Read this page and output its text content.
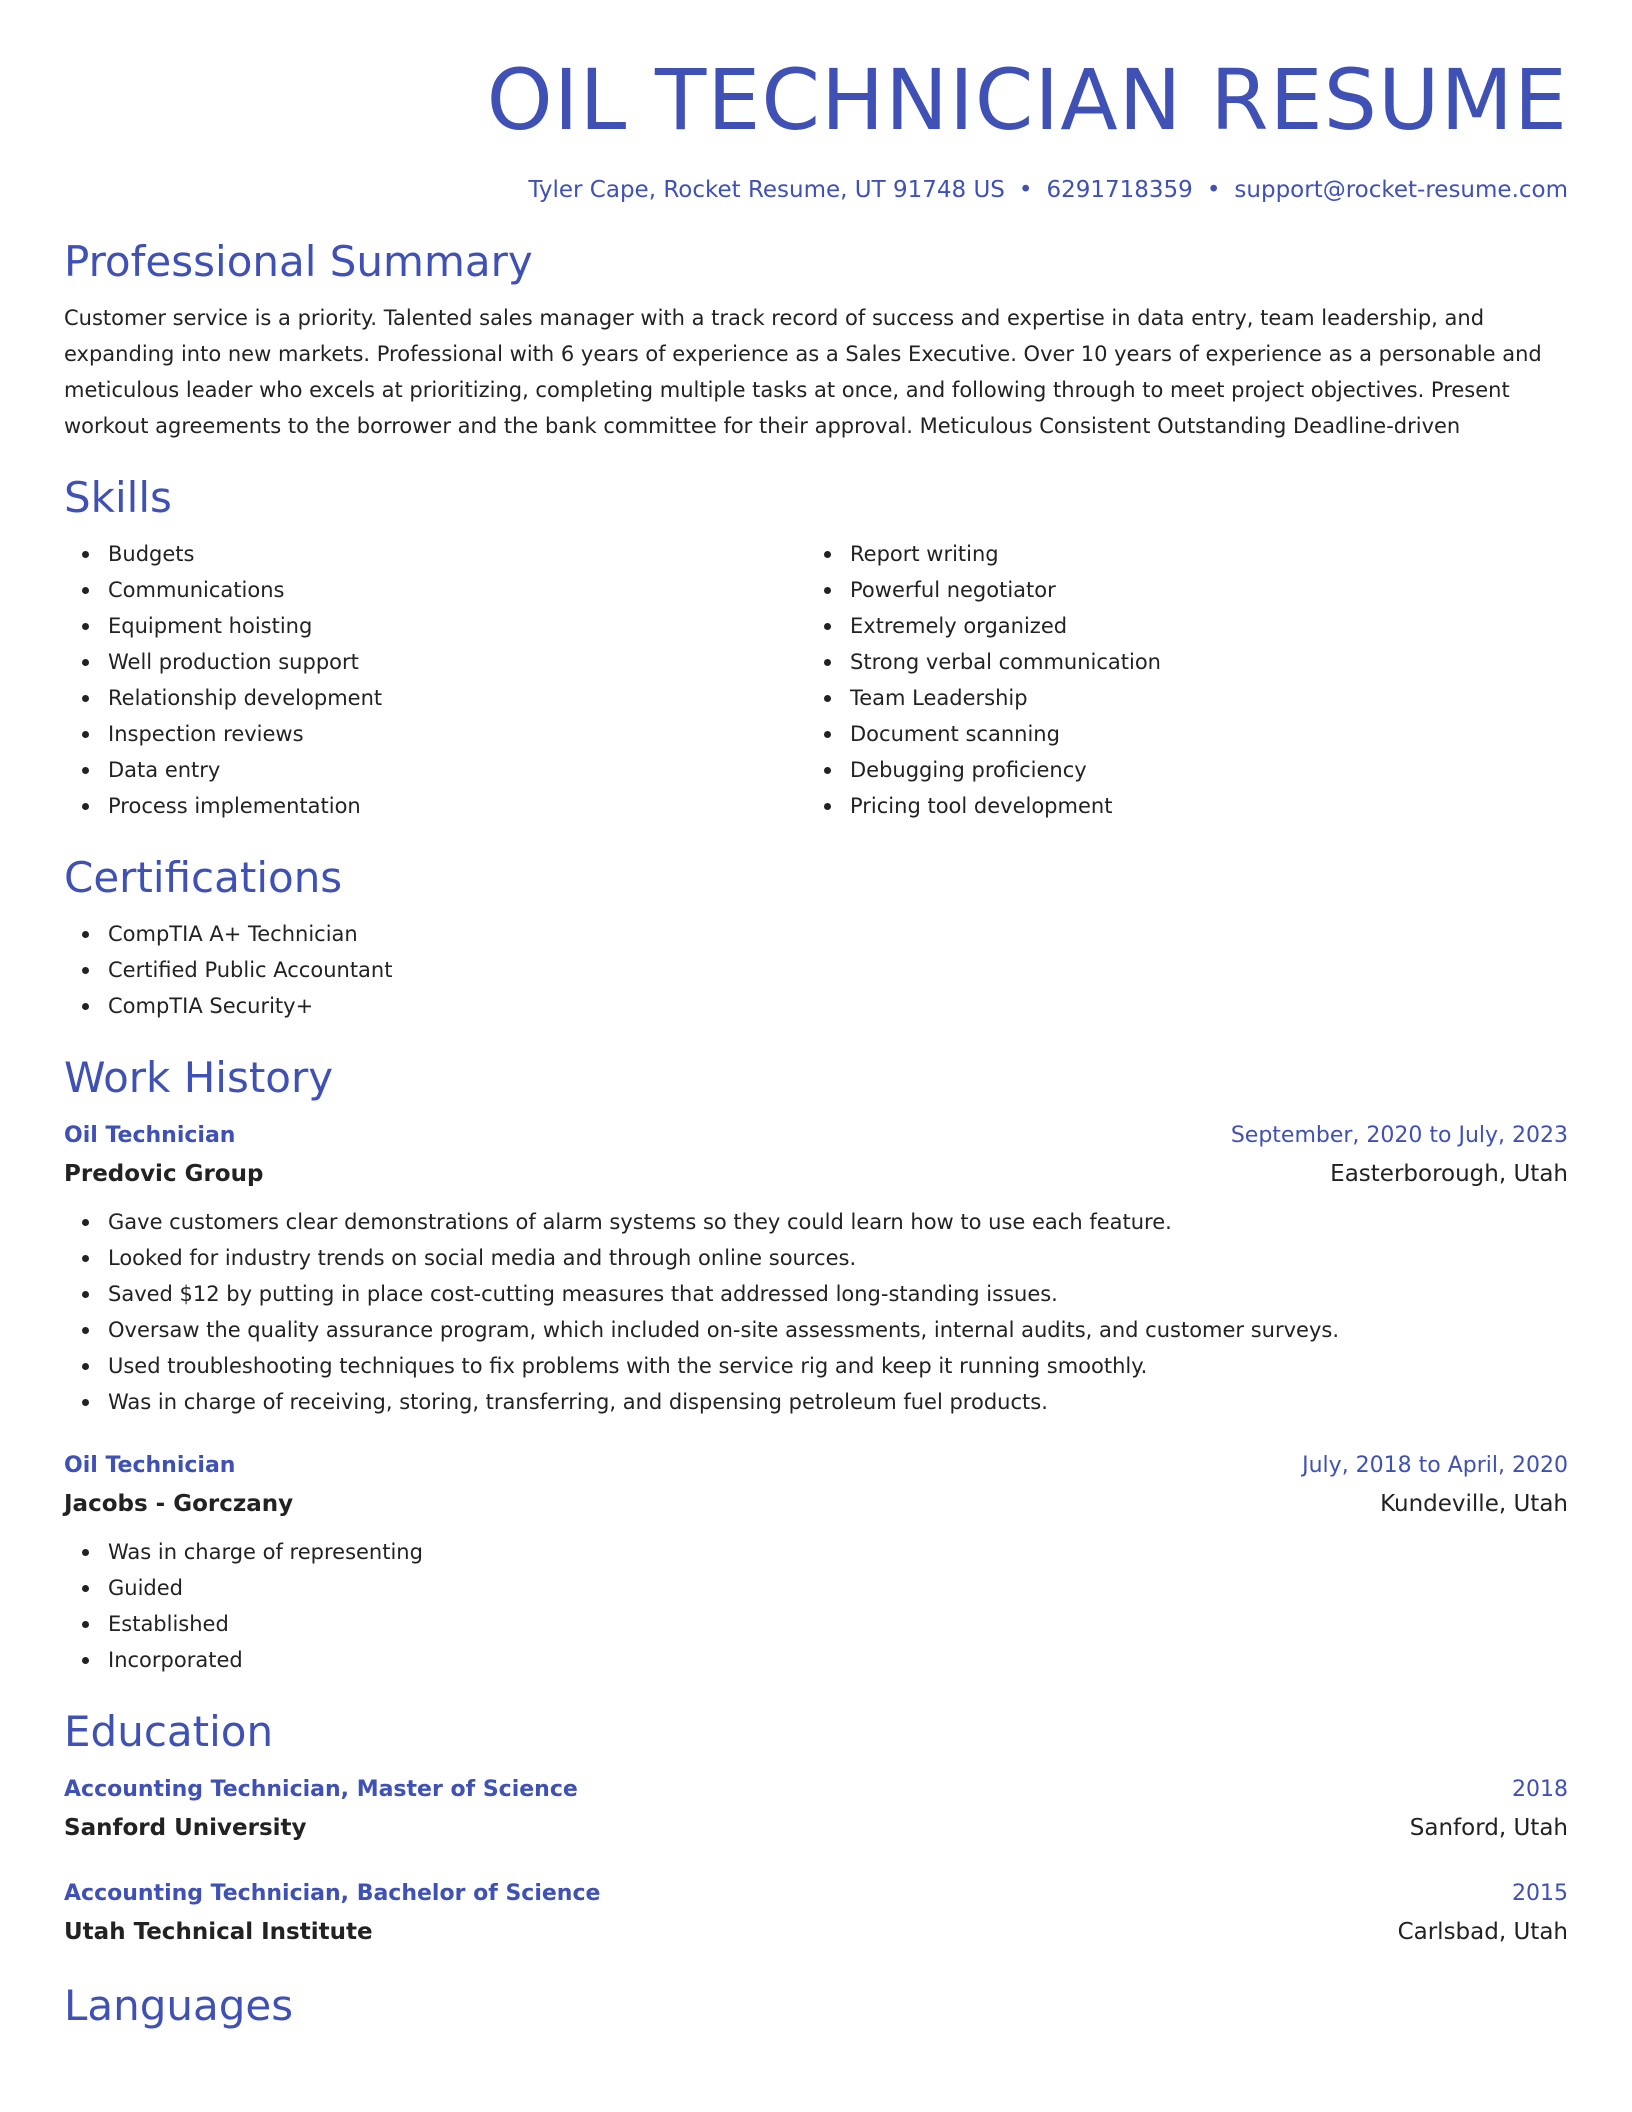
OIL TECHNICIAN RESUME
Tyler Cape, Rocket Resume, UT 91748 US • 6291718359 • support@rocket-resume.com
Professional Summary
Customer service is a priority. Talented sales manager with a track record of success and expertise in data entry, team leadership, and expanding into new markets. Professional with 6 years of experience as a Sales Executive. Over 10 years of experience as a personable and meticulous leader who excels at prioritizing, completing multiple tasks at once, and following through to meet project objectives. Present workout agreements to the borrower and the bank committee for their approval. Meticulous Consistent Outstanding Deadline-driven
Skills
Budgets
Communications
Equipment hoisting
Well production support
Relationship development
Inspection reviews
Data entry
Process implementation
Report writing
Powerful negotiator
Extremely organized
Strong verbal communication
Team Leadership
Document scanning
Debugging proficiency
Pricing tool development
Certifications
CompTIA A+ Technician
Certified Public Accountant
CompTIA Security+
Work History
Oil Technician	September, 2020 to July, 2023
Predovic Group	Easterborough, Utah
Gave customers clear demonstrations of alarm systems so they could learn how to use each feature.
Looked for industry trends on social media and through online sources.
Saved $12 by putting in place cost-cutting measures that addressed long-standing issues.
Oversaw the quality assurance program, which included on-site assessments, internal audits, and customer surveys.
Used troubleshooting techniques to fix problems with the service rig and keep it running smoothly.
Was in charge of receiving, storing, transferring, and dispensing petroleum fuel products.
Oil Technician	July, 2018 to April, 2020
Jacobs - Gorczany	Kundeville, Utah
Was in charge of representing
Guided
Established
Incorporated
Education
Accounting Technician, Master of Science	2018
Sanford University	Sanford, Utah
Accounting Technician, Bachelor of Science	2015
Utah Technical Institute	Carlsbad, Utah
Languages
